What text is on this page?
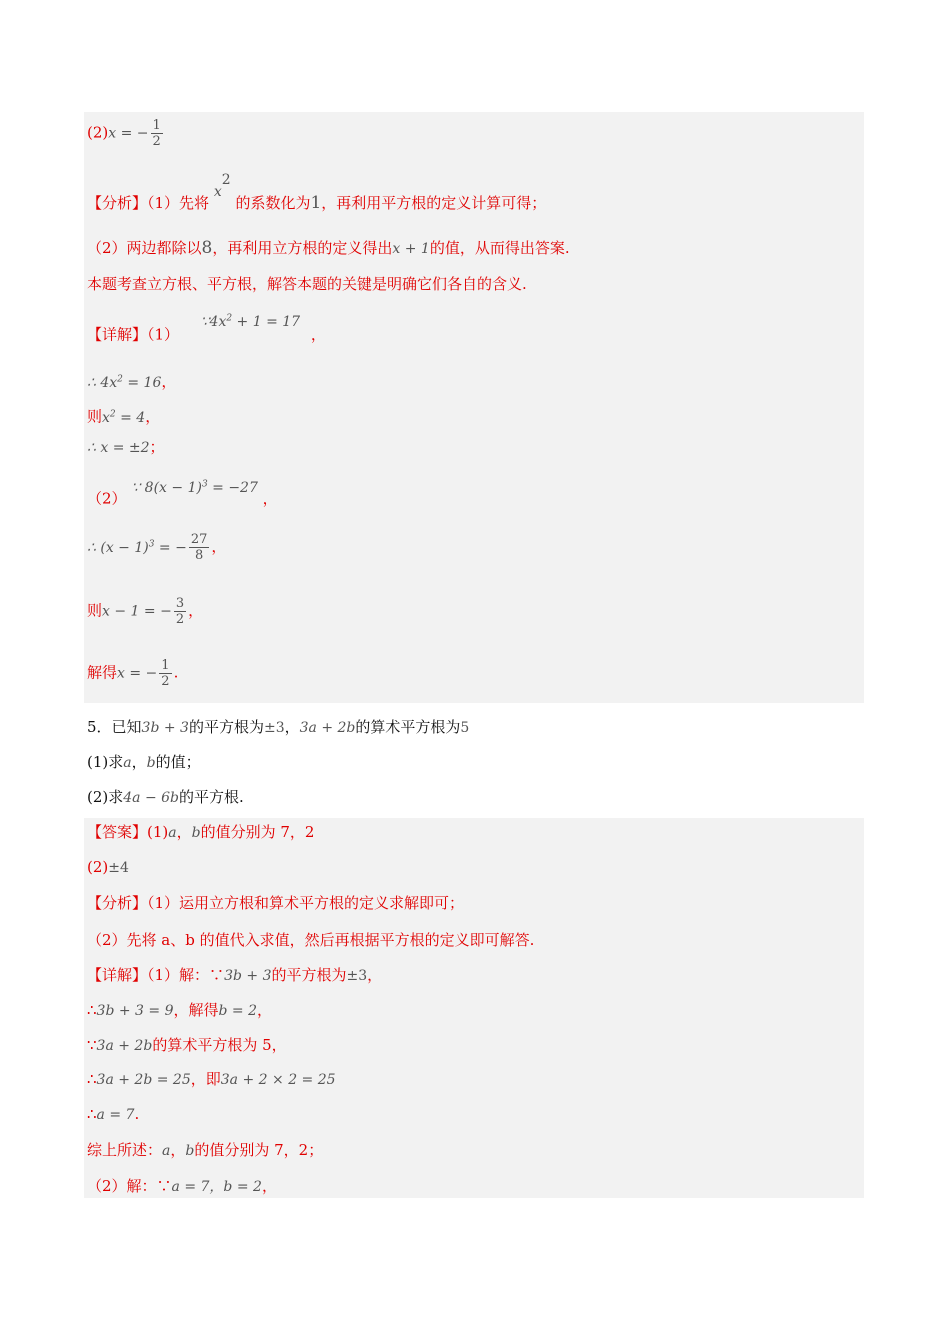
(2)x = − $\frac{1}{2}$
【分析】（1）先将 $x^2$ 的系数化为1，再利用平方根的定义计算可得；
（2）两边都除以8，再利用立方根的定义得出x + 1的值，从而得出答案.
本题考查立方根、平方根，解答本题的关键是明确它们各自的含义.
【详解】（1）  $\because 4x^2 + 1 = 17$ ，
∴ $4x^2 = 16$，
则$x^2 = 4$，
∴ x = ±2；
（2） ∵ $8(x - 1)^3 = -27$ ，
∴ $(x - 1)^3$ = − $\frac{27}{8}$ ，
则x − 1 = − $\frac{3}{2}$ ，
解得x = − $\frac{1}{2}$ .
5．已知3b + 3的平方根为±3，3a + 2b的算术平方根为5
(1)求a，b的值；
(2)求4a − 6b的平方根.
【答案】(1)a，b的值分别为 7，2
(2)±4
【分析】（1）运用立方根和算术平方根的定义求解即可；
（2）先将 a、b 的值代入求值，然后再根据平方根的定义即可解答.
【详解】（1）解：∵3b + 3的平方根为±3，
∴3b + 3 = 9，解得b = 2，
∵3a + 2b的算术平方根为 5，
∴3a + 2b = 25，即3a + 2 × 2 = 25
∴a = 7.
综上所述：a，b的值分别为 7，2；
（2）解：∵a = 7，b = 2，
